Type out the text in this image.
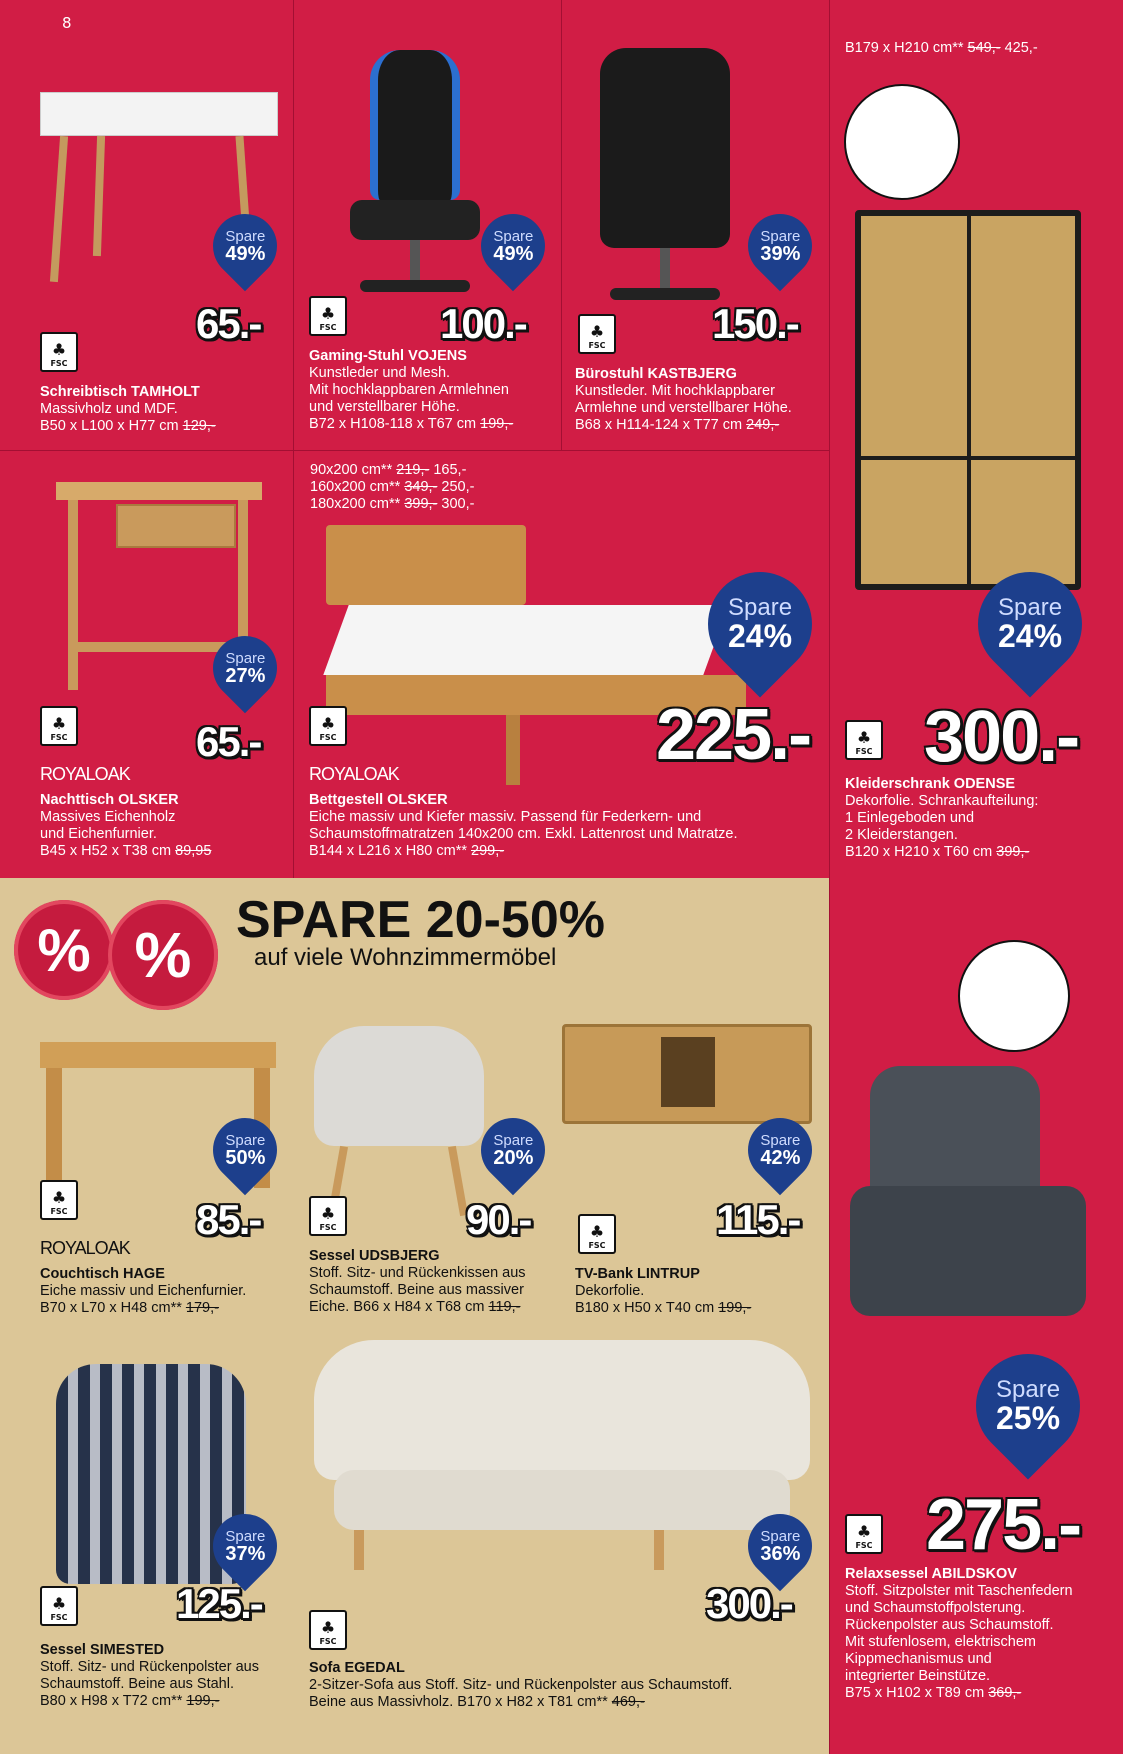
8
Spare
49%
65.-
♣
FSC
Schreibtisch TAMHOLT
Massivholz und MDF.
B50 x L100 x H77 cm 129,-
Spare
49%
♣
FSC 100.-
Gaming-Stuhl VOJENS
Kunstleder und Mesh.
Mit hochklappbaren Armlehnen
und verstellbarer Höhe.
B72 x H108-118 x T67 cm 199,-
Spare
39%
♣
FSC	150.-
Bürostuhl KASTBJERG
Kunstleder. Mit hochklappbarer
Armlehne und verstellbarer Höhe.
B68 x H114-124 x T77 cm 249,-
B179 x H210 cm** 549,- 425,-
Spare
24%
♣
FSC 300.-
Kleiderschrank ODENSE
Dekorfolie. Schrankaufteilung:
1 Einlegeboden und
2 Kleiderstangen.
B120 x H210 x T60 cm 399,-
Spare
27%
♣
FSC	65.-
ROYALOAK
Nachttisch OLSKER
Massives Eichenholz
und Eichenfurnier.
B45 x H52 x T38 cm 89,95
90x200 cm** 219,- 165,-
160x200 cm** 349,- 250,-
180x200 cm** 399,- 300,-
Spare
24%
♣
FSC	225.-
ROYALOAK
Bettgestell OLSKER
Eiche massiv und Kiefer massiv. Passend für Federkern- und
Schaumstoffmatratzen 140x200 cm. Exkl. Lattenrost und Matratze.
B144 x L216 x H80 cm** 299,-
% % SPARE 20-50%
auf viele Wohnzimmermöbel
Spare
50%
♣
FSC	85.-
ROYALOAK
Couchtisch HAGE
Eiche massiv und Eichenfurnier.
B70 x L70 x H48 cm** 179,-
Spare
20%
♣
FSC	90.-
Sessel UDSBJERG
Stoff. Sitz- und Rückenkissen aus
Schaumstoff. Beine aus massiver
Eiche. B66 x H84 x T68 cm 119,-
Spare
42%
115.-
♣
FSC
TV-Bank LINTRUP
Dekorfolie.
B180 x H50 x T40 cm 199,-
Spare
25%
♣
FSC 275.-
Relaxsessel ABILDSKOV
Stoff. Sitzpolster mit Taschenfedern
und Schaumstoffpolsterung.
Rückenpolster aus Schaumstoff.
Mit stufenlosem, elektrischem
Kippmechanismus und
integrierter Beinstütze.
B75 x H102 x T89 cm 369,-
Spare
37%
♣
FSC	125.-
Sessel SIMESTED
Stoff. Sitz- und Rückenpolster aus
Schaumstoff. Beine aus Stahl.
B80 x H98 x T72 cm** 199,-
Spare
36%
300.-
♣
FSC
Sofa EGEDAL
2-Sitzer-Sofa aus Stoff. Sitz- und Rückenpolster aus Schaumstoff.
Beine aus Massivholz. B170 x H82 x T81 cm** 469,-
